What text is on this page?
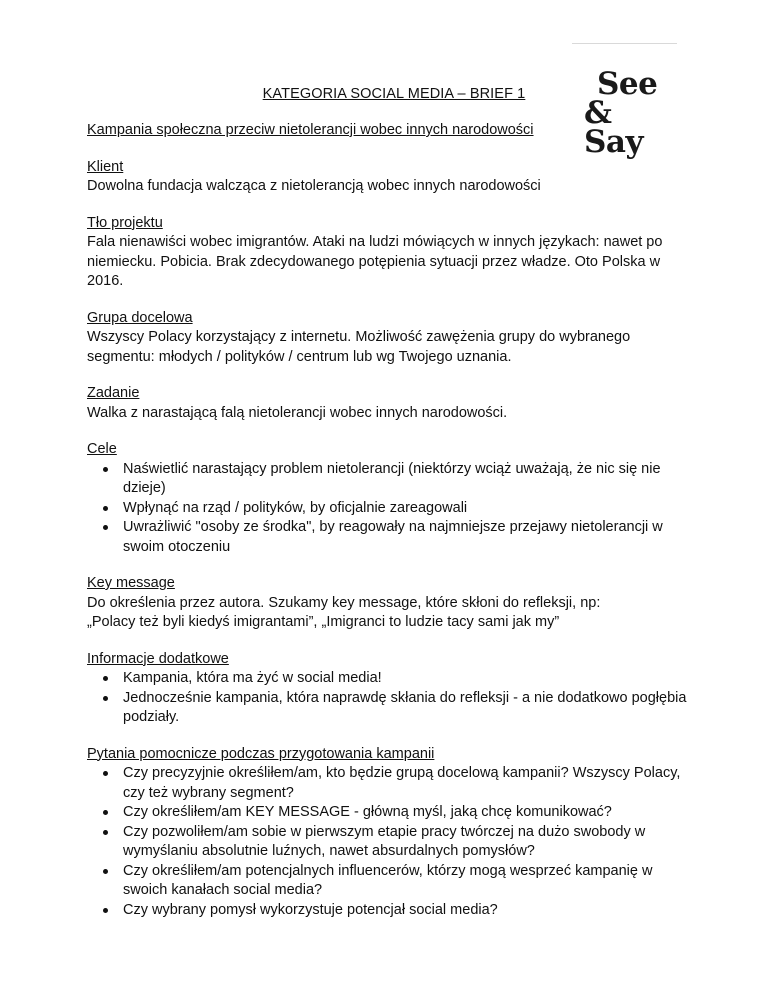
See
& Say
KATEGORIA SOCIAL MEDIA – BRIEF 1
Kampania społeczna przeciw nietolerancji wobec innych narodowości
Klient
Dowolna fundacja walcząca z nietolerancją wobec innych narodowości
Tło projektu
Fala nienawiści wobec imigrantów. Ataki na ludzi mówiących w innych językach: nawet po niemiecku. Pobicia. Brak zdecydowanego potępienia sytuacji przez władze. Oto Polska w 2016.
Grupa docelowa
Wszyscy Polacy korzystający z internetu. Możliwość zawężenia grupy do wybranego segmentu: młodych / polityków / centrum lub wg Twojego uznania.
Zadanie
Walka z narastającą falą nietolerancji wobec innych narodowości.
Cele
Naświetlić narastający problem nietolerancji (niektórzy wciąż uważają, że nic się nie dzieje)
Wpłynąć na rząd / polityków, by oficjalnie zareagowali
Uwrażliwić "osoby ze środka", by reagowały na najmniejsze przejawy nietolerancji w swoim otoczeniu
Key message
Do określenia przez autora. Szukamy key message, które skłoni do refleksji, np:
„Polacy też byli kiedyś imigrantami”, „Imigranci to ludzie tacy sami jak my”
Informacje dodatkowe
Kampania, która ma żyć w social media!
Jednocześnie kampania, która naprawdę skłania do refleksji - a nie dodatkowo pogłębia podziały.
Pytania pomocnicze podczas przygotowania kampanii
Czy precyzyjnie określiłem/am, kto będzie grupą docelową kampanii? Wszyscy Polacy, czy też wybrany segment?
Czy określiłem/am KEY MESSAGE - główną myśl, jaką chcę komunikować?
Czy pozwoliłem/am sobie w pierwszym etapie pracy twórczej na dużo swobody w wymyślaniu absolutnie luźnych, nawet absurdalnych pomysłów?
Czy określiłem/am potencjalnych influencerów, którzy mogą wesprzeć kampanię w swoich kanałach social media?
Czy wybrany pomysł wykorzystuje potencjał social media?
